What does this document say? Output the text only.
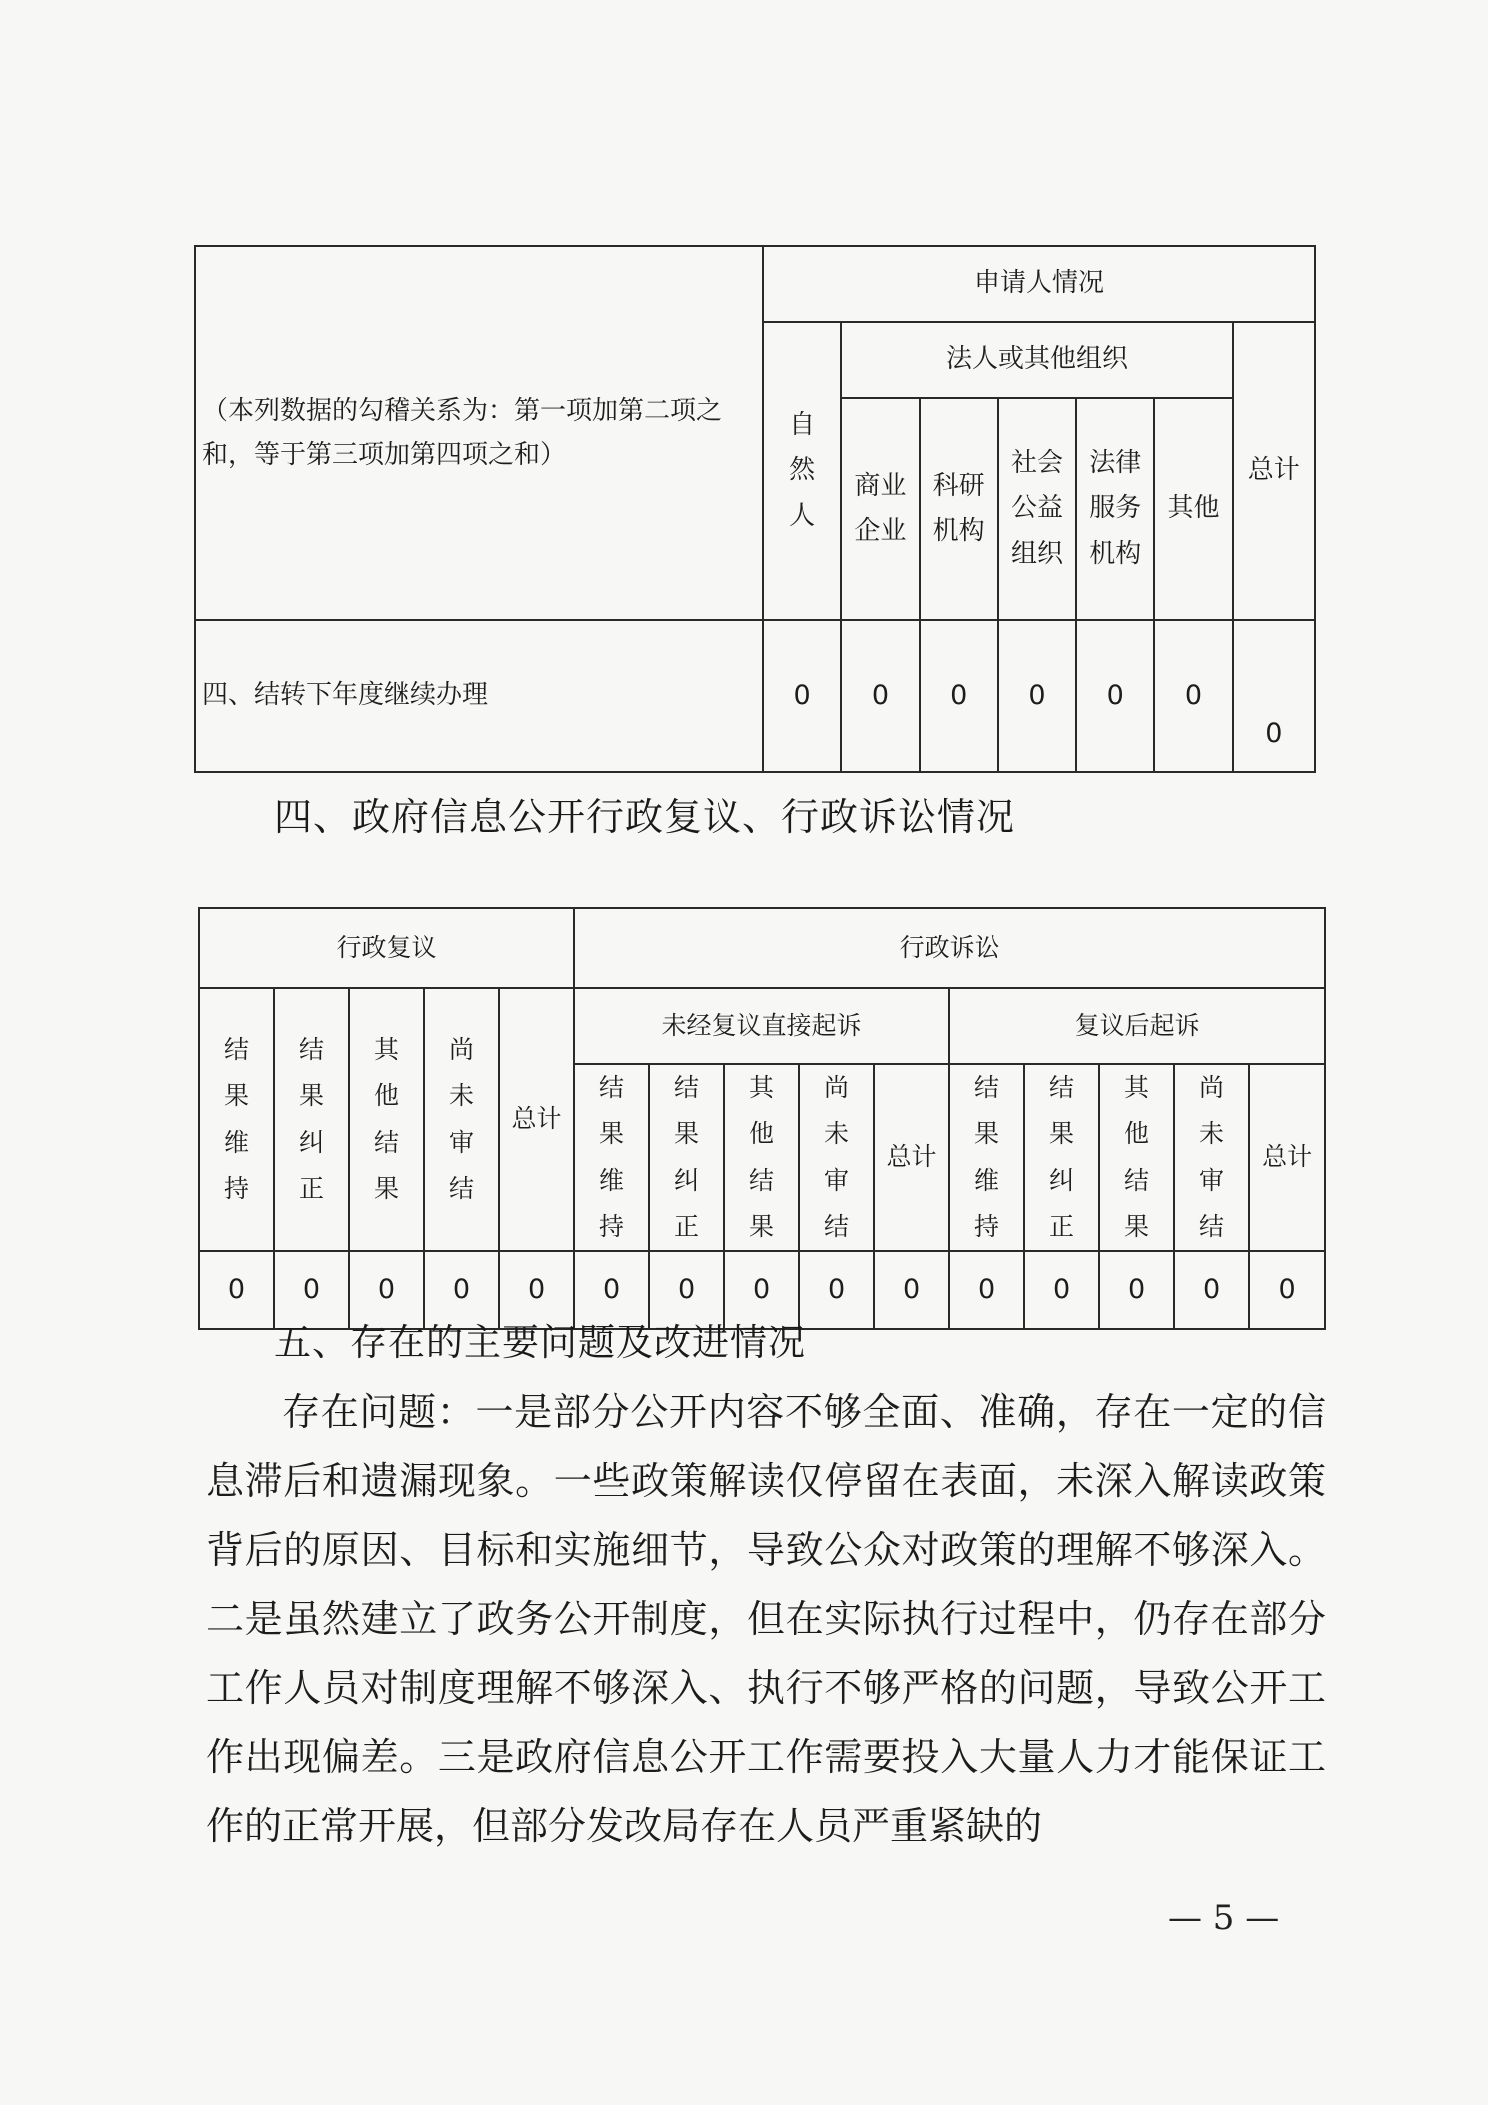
（本列数据的勾稽关系为：第一项加第二项之和，等于第三项加第四项之和）	申请人情况						
	自然人	法人或其他组织					总计
		商业企业	科研机构	社会公益组织	法律服务机构	其他	
四、结转下年度继续办理	0	0	0	0	0	0	0
四、政府信息公开行政复议、行政诉讼情况
行政复议					行政诉讼									
结果维持	结果纠正	其他结果	尚未审结	总计	未经复议直接起诉					复议后起诉				
					结果维持	结果纠正	其他结果	尚未审结	总计	结果维持	结果纠正	其他结果	尚未审结	总计
0	0	0	0	0	0	0	0	0	0	0	0	0	0	0
五、存在的主要问题及改进情况
存在问题：一是部分公开内容不够全面、准确，存在一定的信息滞后和遗漏现象。一些政策解读仅停留在表面，未深入解读政策背后的原因、目标和实施细节，导致公众对政策的理解不够深入。二是虽然建立了政务公开制度，但在实际执行过程中，仍存在部分工作人员对制度理解不够深入、执行不够严格的问题，导致公开工作出现偏差。三是政府信息公开工作需要投入大量人力才能保证工作的正常开展，但部分发改局存在人员严重紧缺的
— 5 —
